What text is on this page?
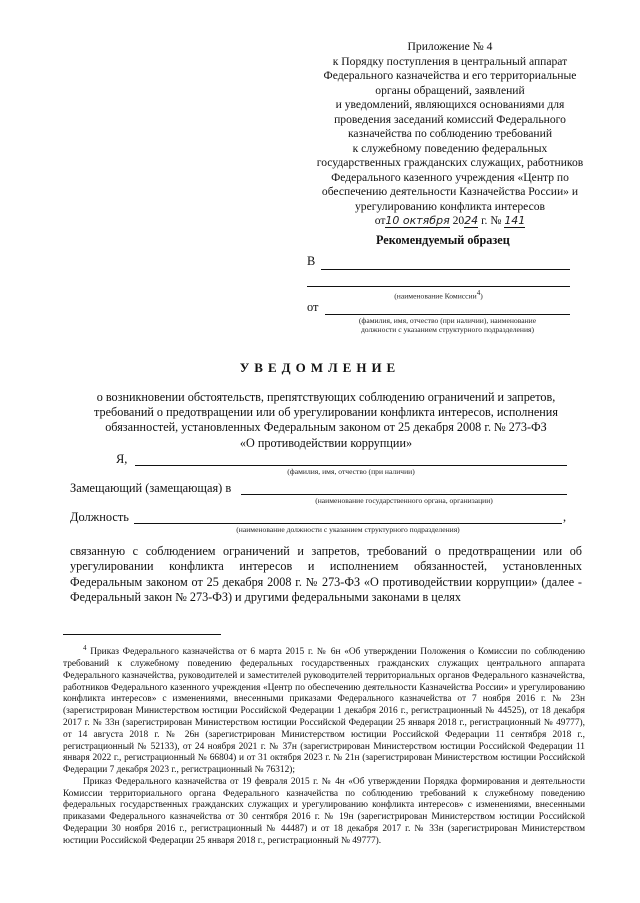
Приложение № 4
к Порядку поступления в центральный аппарат
Федерального казначейства и его территориальные
органы обращений, заявлений
и уведомлений, являющихся основаниями для
проведения заседаний комиссий Федерального
казначейства по соблюдению требований
к служебному поведению федеральных
государственных гражданских служащих, работников
Федерального казенного учреждения «Центр по
обеспечению деятельности Казначейства России» и
урегулированию конфликта интересов
от10 октября 2024 г. № 141
Рекомендуемый образец
В
(наименование Комиссии$^4$)
от
(фамилия, имя, отчество (при наличии), наименование
должности с указанием структурного подразделения)
УВЕДОМЛЕНИЕ
о возникновении обстоятельств, препятствующих соблюдению ограничений и запретов,
требований о предотвращении или об урегулировании конфликта интересов, исполнения
обязанностей, установленных Федеральным законом от 25 декабря 2008 г. № 273-ФЗ
«О противодействии коррупции»
Я,
(фамилия, имя, отчество (при наличии)
Замещающий (замещающая) в
(наименование государственного органа, организации)
Должность	,
(наименование должности с указанием структурного подразделения)
связанную с соблюдением ограничений и запретов, требований о предотвращении или об урегулировании конфликта интересов и исполнением обязанностей, установленных Федеральным законом от 25 декабря 2008 г. № 273-ФЗ «О противодействии коррупции» (далее - Федеральный закон № 273-ФЗ) и другими федеральными законами в целях

$^4$ Приказ Федерального казначейства от 6 марта 2015 г. № 6н «Об утверждении Положения о Комиссии по соблюдению требований к служебному поведению федеральных государственных гражданских служащих центрального аппарата Федерального казначейства, руководителей и заместителей руководителей территориальных органов Федерального казначейства, работников Федерального казенного учреждения «Центр по обеспечению деятельности Казначейства России» и урегулированию конфликта интересов» с изменениями, внесенными приказами Федерального казначейства от 7 ноября 2016 г. № 23н (зарегистрирован Министерством юстиции Российской Федерации 1 декабря 2016 г., регистрационный № 44525), от 18 декабря 2017 г. № 33н (зарегистрирован Министерством юстиции Российской Федерации 25 января 2018 г., регистрационный № 49777), от 14 августа 2018 г. № 26н (зарегистрирован Министерством юстиции Российской Федерации 11 сентября 2018 г., регистрационный № 52133), от 24 ноября 2021 г. № 37н (зарегистрирован Министерством юстиции Российской Федерации 11 января 2022 г., регистрационный № 66804) и от 31 октября 2023 г. № 21н (зарегистрирован Министерством юстиции Российской Федерации 7 декабря 2023 г., регистрационный № 76312);

Приказ Федерального казначейства от 19 февраля 2015 г. № 4н «Об утверждении Порядка формирования и деятельности Комиссии территориального органа Федерального казначейства по соблюдению требований к служебному поведению федеральных государственных гражданских служащих и урегулированию конфликта интересов» с изменениями, внесенными приказами Федерального казначейства от 30 сентября 2016 г. № 19н (зарегистрирован Министерством юстиции Российской Федерации 30 ноября 2016 г., регистрационный № 44487) и от 18 декабря 2017 г. № 33н (зарегистрирован Министерством юстиции Российской Федерации 25 января 2018 г., регистрационный № 49777).
